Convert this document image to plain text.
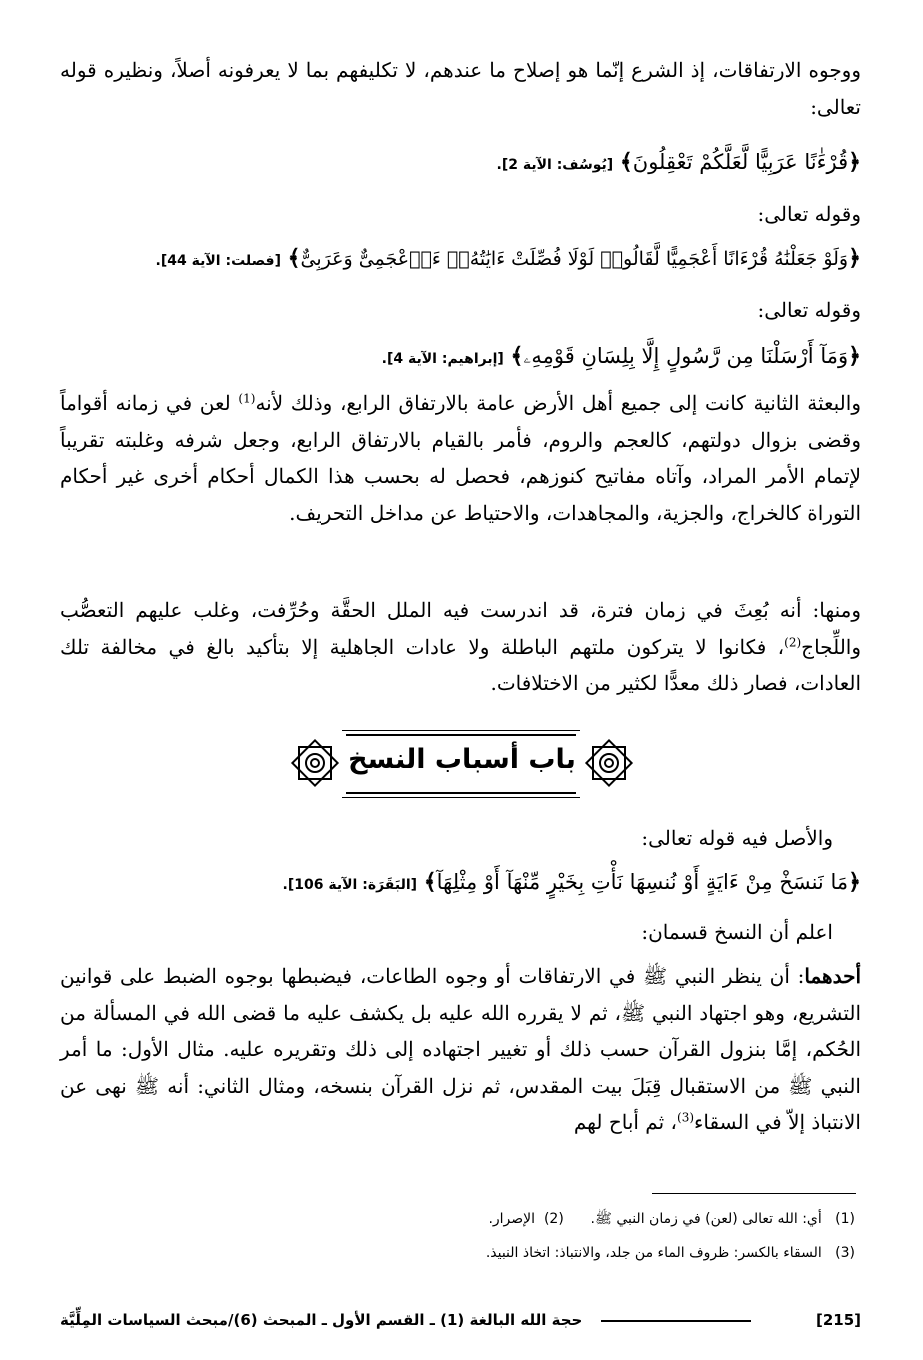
ووجوه الارتفاقات، إذ الشرع إنّما هو إصلاح ما عندهم، لا تكليفهم بما لا يعرفونه أصلاً، ونظيره قوله تعالى:
﴿قُرْءَٰنًا عَرَبِيًّا لَّعَلَّكُمْ تَعْقِلُونَ﴾ [يُوسُف: الآية 2].
وقوله تعالى:
﴿وَلَوْ جَعَلْنَٰهُ قُرْءَانًا أَعْجَمِيًّا لَّقَالُوا۟ لَوْلَا فُصِّلَتْ ءَايَٰتُهُۥٓ ءَا۬عْجَمِىٌّ وَعَرَبِىٌّ﴾ [فصلت: الآية 44].
وقوله تعالى:
﴿وَمَآ أَرْسَلْنَا مِن رَّسُولٍ إِلَّا بِلِسَانِ قَوْمِهِۦ﴾ [إبراهيم: الآية 4].
والبعثة الثانية كانت إلى جميع أهل الأرض عامة بالارتفاق الرابع، وذلك لأنه$^{(1)}$ لعن في زمانه أقواماً وقضى بزوال دولتهم، كالعجم والروم، فأمر بالقيام بالارتفاق الرابع، وجعل شرفه وغلبته تقريباً لإتمام الأمر المراد، وآتاه مفاتيح كنوزهم، فحصل له بحسب هذا الكمال أحكام أخرى غير أحكام التوراة كالخراج، والجزية، والمجاهدات، والاحتياط عن مداخل التحريف.
ومنها: أنه بُعِثَ في زمان فترة، قد اندرست فيه الملل الحقَّة وحُرِّفت، وغلب عليهم التعصُّب واللِّجاج$^{(2)}$، فكانوا لا يتركون ملتهم الباطلة ولا عادات الجاهلية إلا بتأكيد بالغ في مخالفة تلك العادات، فصار ذلك معدًّا لكثير من الاختلافات.
باب أسباب النسخ
والأصل فيه قوله تعالى:
﴿مَا نَنسَخْ مِنْ ءَايَةٍ أَوْ نُنسِهَا نَأْتِ بِخَيْرٍ مِّنْهَآ أَوْ مِثْلِهَآ﴾ [البَقَرَة: الآية 106].
اعلم أن النسخ قسمان:
أحدهما: أن ينظر النبي ﷺ في الارتفاقات أو وجوه الطاعات، فيضبطها بوجوه الضبط على قوانين التشريع، وهو اجتهاد النبي ﷺ، ثم لا يقرره الله عليه بل يكشف عليه ما قضى الله في المسألة من الحُكم، إمَّا بنزول القرآن حسب ذلك أو تغيير اجتهاده إلى ذلك وتقريره عليه. مثال الأول: ما أمر النبي ﷺ من الاستقبال قِبَلَ بيت المقدس، ثم نزل القرآن بنسخه، ومثال الثاني: أنه ﷺ نهى عن الانتباذ إلاّ في السقاء$^{(3)}$، ثم أباح لهم
(1)   أي: الله تعالى (لعن) في زمان النبي ﷺ.      (2)  الإصرار.
(3)   السقاء بالكسر: ظروف الماء من جلد، والانتباذ: اتخاذ النبيذ.
[215]
حجة الله البالغة (1) ـ القسم الأول ـ المبحث (6)/مبحث السياسات المِلِّيَّة
